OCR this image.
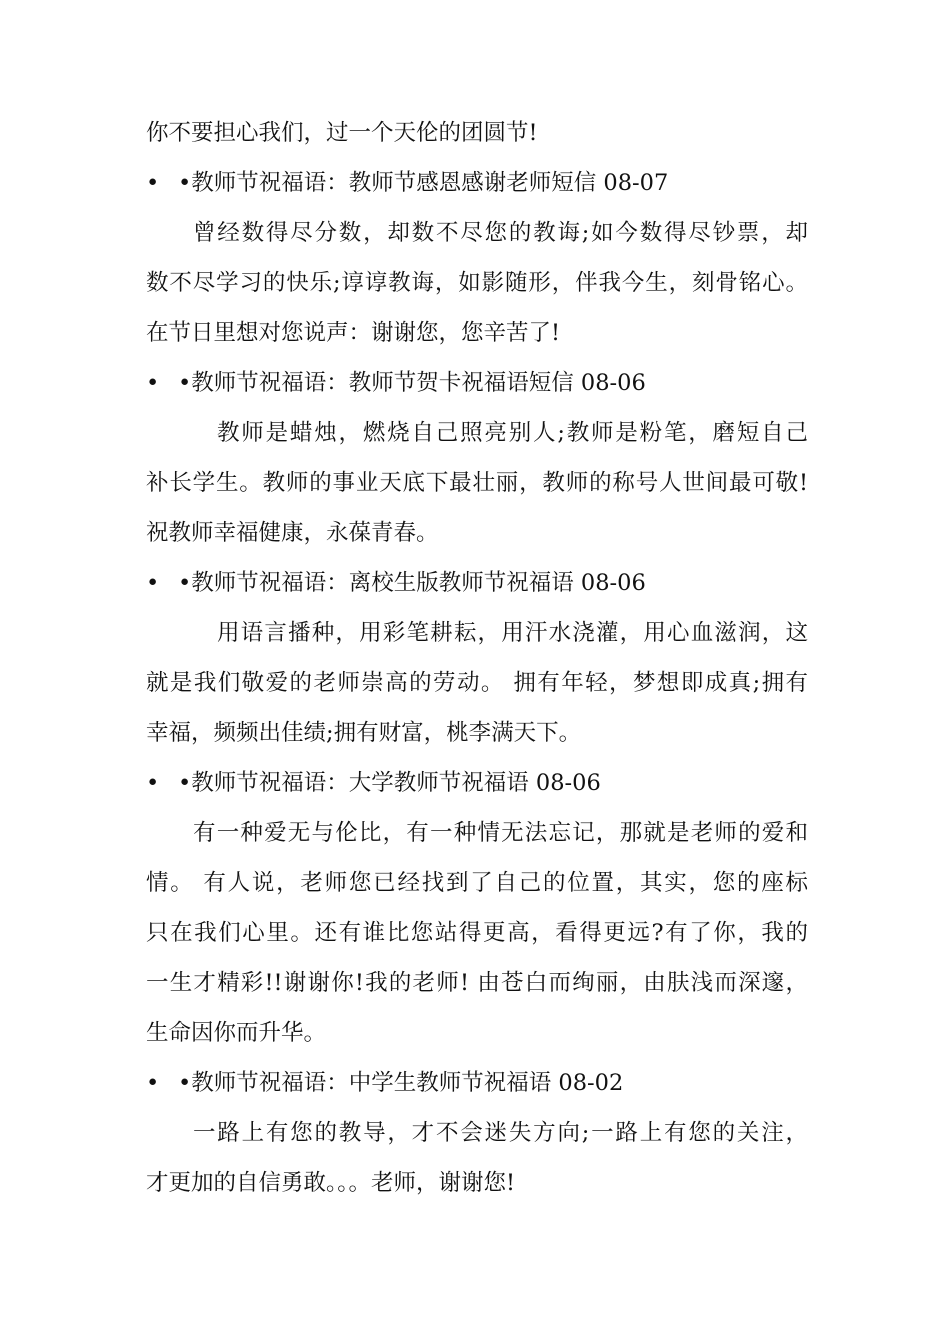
你不要担心我们，过一个天伦的团圆节!
• •教师节祝福语：教师节感恩感谢老师短信 08-07
曾经数得尽分数，却数不尽您的教诲;如今数得尽钞票，却
数不尽学习的快乐;谆谆教诲，如影随形，伴我今生，刻骨铭心。
在节日里想对您说声：谢谢您，您辛苦了!
• •教师节祝福语：教师节贺卡祝福语短信 08-06
教师是蜡烛，燃烧自己照亮别人;教师是粉笔，磨短自己
补长学生。教师的事业天底下最壮丽，教师的称号人世间最可敬!
祝教师幸福健康，永葆青春。
• •教师节祝福语：离校生版教师节祝福语 08-06
用语言播种，用彩笔耕耘，用汗水浇灌，用心血滋润，这
就是我们敬爱的老师崇高的劳动。 拥有年轻，梦想即成真;拥有
幸福，频频出佳绩;拥有财富，桃李满天下。
• •教师节祝福语：大学教师节祝福语 08-06
有一种爱无与伦比，有一种情无法忘记，那就是老师的爱和
情。 有人说，老师您已经找到了自己的位置，其实，您的座标
只在我们心里。还有谁比您站得更高，看得更远?有了你，我的
一生才精彩!!谢谢你!我的老师! 由苍白而绚丽，由肤浅而深邃，
生命因你而升华。
• •教师节祝福语：中学生教师节祝福语 08-02
一路上有您的教导，才不会迷失方向;一路上有您的关注，
才更加的自信勇敢。。。老师，谢谢您!
